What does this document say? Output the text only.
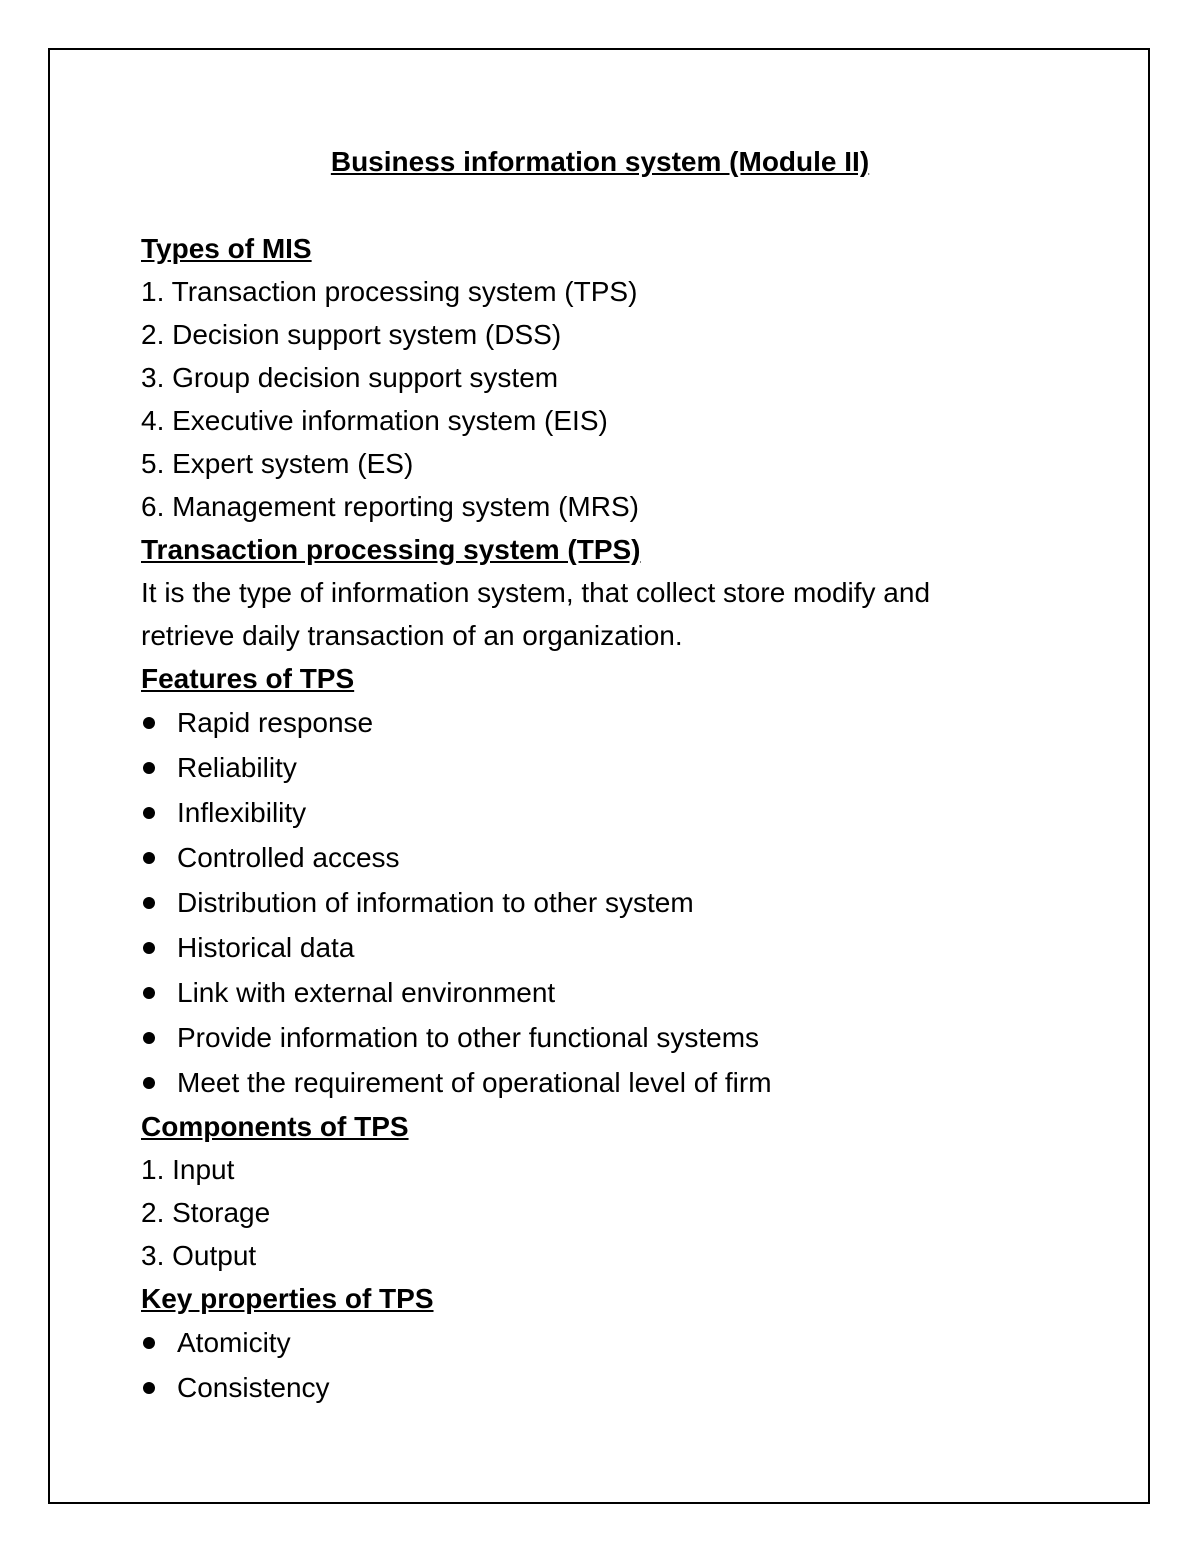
Business information system (Module II)
Types of MIS
1. Transaction processing system (TPS)
2. Decision support system (DSS)
3. Group decision support system
4. Executive information system (EIS)
5. Expert system (ES)
6. Management reporting system (MRS)
Transaction processing system (TPS)
It is the type of information system, that collect store modify and retrieve daily transaction of an organization.
Features of TPS
Rapid response
Reliability
Inflexibility
Controlled access
Distribution of information to other system
Historical data
Link with external environment
Provide information to other functional systems
Meet the requirement of operational level of firm
Components of TPS
1. Input
2. Storage
3. Output
Key properties of TPS
Atomicity
Consistency
